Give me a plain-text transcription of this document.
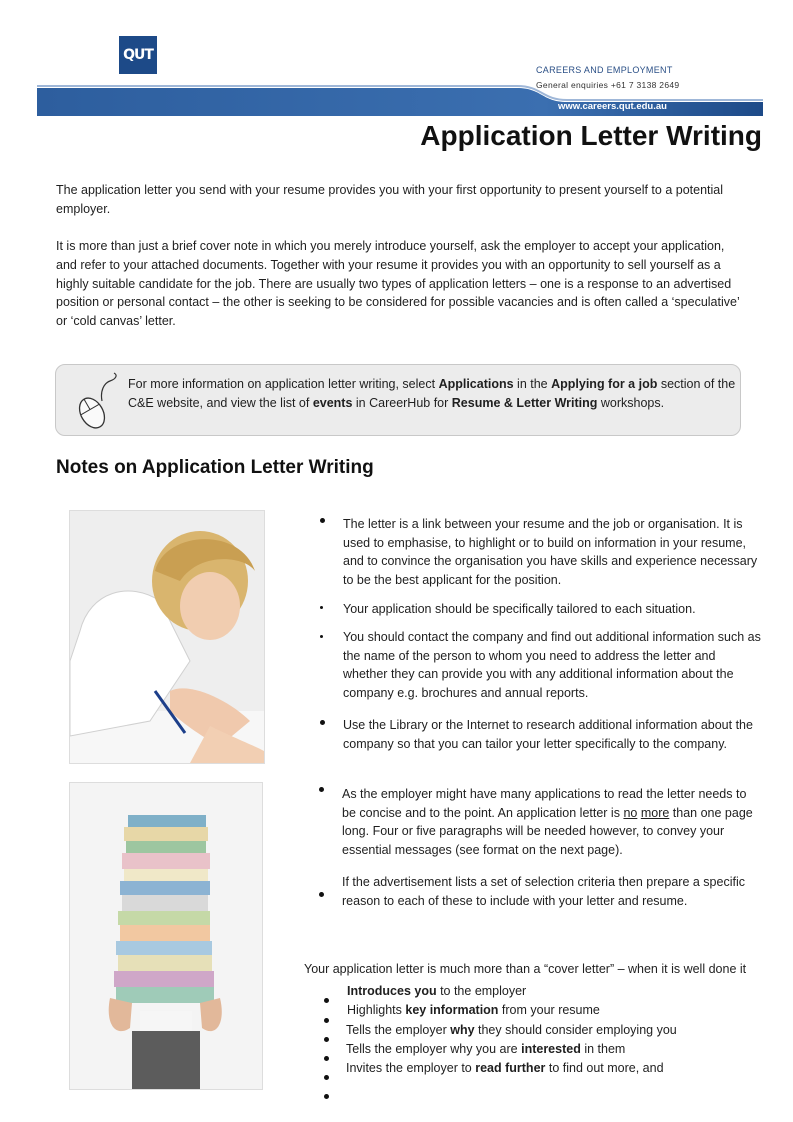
QUT
CAREERS AND EMPLOYMENT
General enquiries +61 7 3138 2649
www.careers.qut.edu.au
Application Letter Writing

The application letter you send with your resume provides you with your first opportunity to present yourself to a potential employer.

It is more than just a brief cover note in which you merely introduce yourself, ask the employer to accept your application, and refer to your attached documents. Together with your resume it provides you with an opportunity to sell yourself as a highly suitable candidate for the job. There are usually two types of application letters – one is a response to an advertised position or personal contact – the other is seeking to be considered for possible vacancies and is often called a ‘speculative’ or ‘cold canvas’ letter.

For more information on application letter writing, select Applications in the Applying for a job section of the C&E website, and view the list of events in CareerHub for Resume & Letter Writing workshops.
Notes on Application Letter Writing

The letter is a link between your resume and the job or organisation. It is used to emphasise, to highlight or to build on information in your resume, and to convince the organisation you have skills and experience necessary to be the best applicant for the position.

Your application should be specifically tailored to each situation.

You should contact the company and find out additional information such as the name of the person to whom you need to address the letter and whether they can provide you with any additional information about the company e.g. brochures and annual reports.

Use the Library or the Internet to research additional information about the company so that you can tailor your letter specifically to the company.

As the employer might have many applications to read the letter needs to be concise and to the point. An application letter is no more than one page long. Four or five paragraphs will be needed however, to convey your essential messages (see format on the next page).

If the advertisement lists a set of selection criteria then prepare a specific reason to each of these to include with your letter and resume.

Your application letter is much more than a “cover letter” – when it is well done it

Introduces you to the employer
Highlights key information from your resume
Tells the employer why they should consider employing you
Tells the employer why you are interested in them
Invites the employer to read further to find out more, and
